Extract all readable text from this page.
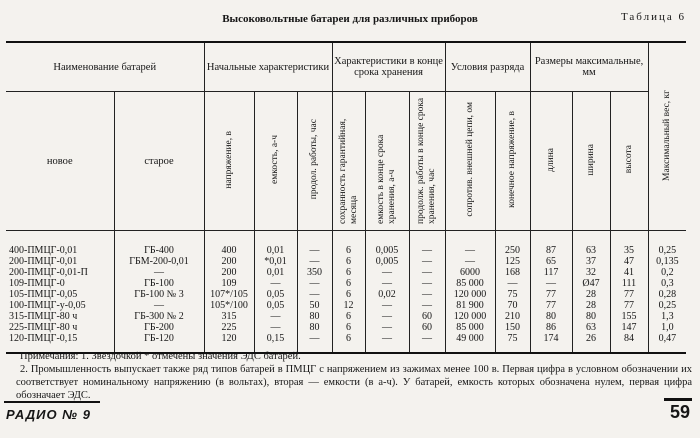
Высоковольтные батареи для различных приборов	Таблица 6
Наименование батарей		Начальные характеристики			Характеристики в конце срока хранения			Условия разряда		Размеры максимальные, мм			Максимальный вес, кг
новое	старое	напряжение, в	емкость, а-ч	продол. работы, час	сохранность гарантийная, месяца	емкость в конце срока хранения, а-ч	продолж. работы в конце срока хранения, час	сопротив. внешней цепи, ом	конечное напряжение, в	длина	ширина	высота	
400-ПМЦГ-0,01	ГБ-400	400	0,01	—	6	0,005	—	—	250	87	63	35	0,25
200-ПМЦГ-0,01	ГБМ-200-0,01	200	*0,01	—	6	0,005	—	—	125	65	37	47	0,135
200-ПМЦГ-0,01-П	—	200	0,01	350	6	—	—	6000	168	117	32	41	0,2
109-ПМЦГ-0	ГБ-100	109	—	—	6	—	—	85 000	—	—	Ø47	111	0,3
105-ПМЦГ-0,05	ГБ-100 № 3	107*/105	0,05	—	6	0,02	—	120 000	75	77	28	77	0,28
100-ПМЦГ-у-0,05	—	105*/100	0,05	50	12	—	—	81 900	70	77	28	77	0,25
315-ПМЦГ-80 ч	ГБ-300 № 2	315	—	80	6	—	60	120 000	210	80	80	155	1,3
225-ПМЦГ-80 ч	ГБ-200	225	—	80	6	—	60	85 000	150	86	63	147	1,0
120-ПМЦГ-0,15	ГБ-120	120	0,15	—	6	—	—	49 000	75	174	26	84	0,47
Примечания: 1. Звездочкой * отмечены значения ЭДС батарей.
2. Промышленность выпускает также ряд типов батарей в ПМЦГ с напряжением из зажимах менее 100 в. Первая цифра в условном обозначении их соответствует номинальному напряжению (в вольтах), вторая — емкости (в а-ч). У батарей, емкость которых обозначена нулем, первая цифра обозначает ЭДС.
РАДИО № 9	59
